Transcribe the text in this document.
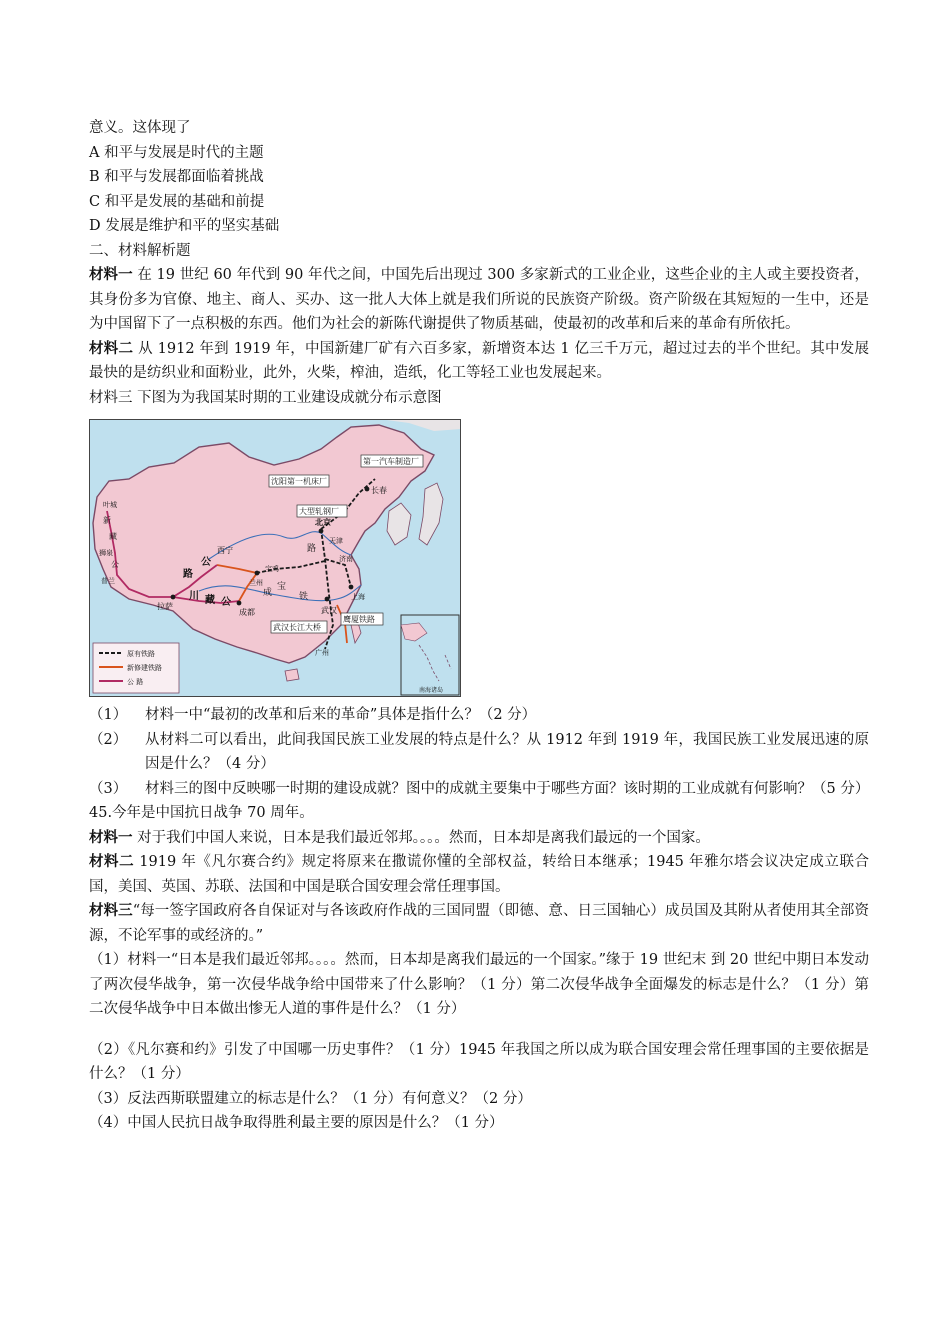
意义。这体现了
A 和平与发展是时代的主题
B 和平与发展都面临着挑战
C 和平是发展的基础和前提
D 发展是维护和平的坚实基础
二、材料解析题
材料一 在 19 世纪 60 年代到 90 年代之间，中国先后出现过 300 多家新式的工业企业，这些企业的主人或主要投资者，其身份多为官僚、地主、商人、买办、这一批人大体上就是我们所说的民族资产阶级。资产阶级在其短短的一生中，还是为中国留下了一点积极的东西。他们为社会的新陈代谢提供了物质基础，使最初的改革和后来的革命有所依托。
材料二 从 1912 年到 1919 年，中国新建厂矿有六百多家，新增资本达 1 亿三千万元，超过过去的半个世纪。其中发展最快的是纺织业和面粉业，此外，火柴，榨油，造纸，化工等轻工业也发展起来。
材料三 下图为为我国某时期的工业建设成就分布示意图
第一汽车制造厂
沈阳第一机床厂
大型轧钢厂
武汉长江大桥
鹰厦铁路
北京
长春
天津
济南
西宁
兰州
宝鸡
成都
拉萨	武汉
上海
广州
公
路
川 藏 公
成
宝
铁
路
叶城
新
藏
狮泉
公
普兰
原有铁路
新修建铁路
公 路
南海诸岛
（1）	材料一中“最初的改革和后来的革命”具体是指什么？（2 分）
（2）	从材料二可以看出，此间我国民族工业发展的特点是什么？从 1912 年到 1919 年，我国民族工业发展迅速的原因是什么？（4 分）
（3）	材料三的图中反映哪一时期的建设成就？图中的成就主要集中于哪些方面？该时期的工业成就有何影响？（5 分）
45.今年是中国抗日战争 70 周年。
材料一 对于我们中国人来说，日本是我们最近邻邦。。。。然而，日本却是离我们最远的一个国家。
材料二 1919 年《凡尔赛合约》规定将原来在撒谎你懂的全部权益，转给日本继承；1945 年雅尔塔会议决定成立联合国，美国、英国、苏联、法国和中国是联合国安理会常任理事国。
材料三“每一签字国政府各自保证对与各该政府作战的三国同盟（即德、意、日三国轴心）成员国及其附从者使用其全部资源，不论军事的或经济的。”
（1）材料一“日本是我们最近邻邦。。。。然而，日本却是离我们最远的一个国家。”缘于 19 世纪末 到 20 世纪中期日本发动了两次侵华战争，第一次侵华战争给中国带来了什么影响？（1 分）第二次侵华战争全面爆发的标志是什么？（1 分）第二次侵华战争中日本做出惨无人道的事件是什么？（1 分）
（2）《凡尔赛和约》引发了中国哪一历史事件？（1 分）1945 年我国之所以成为联合国安理会常任理事国的主要依据是什么？（1 分）
（3）反法西斯联盟建立的标志是什么？（1 分）有何意义？（2 分）
（4）中国人民抗日战争取得胜利最主要的原因是什么？（1 分）
